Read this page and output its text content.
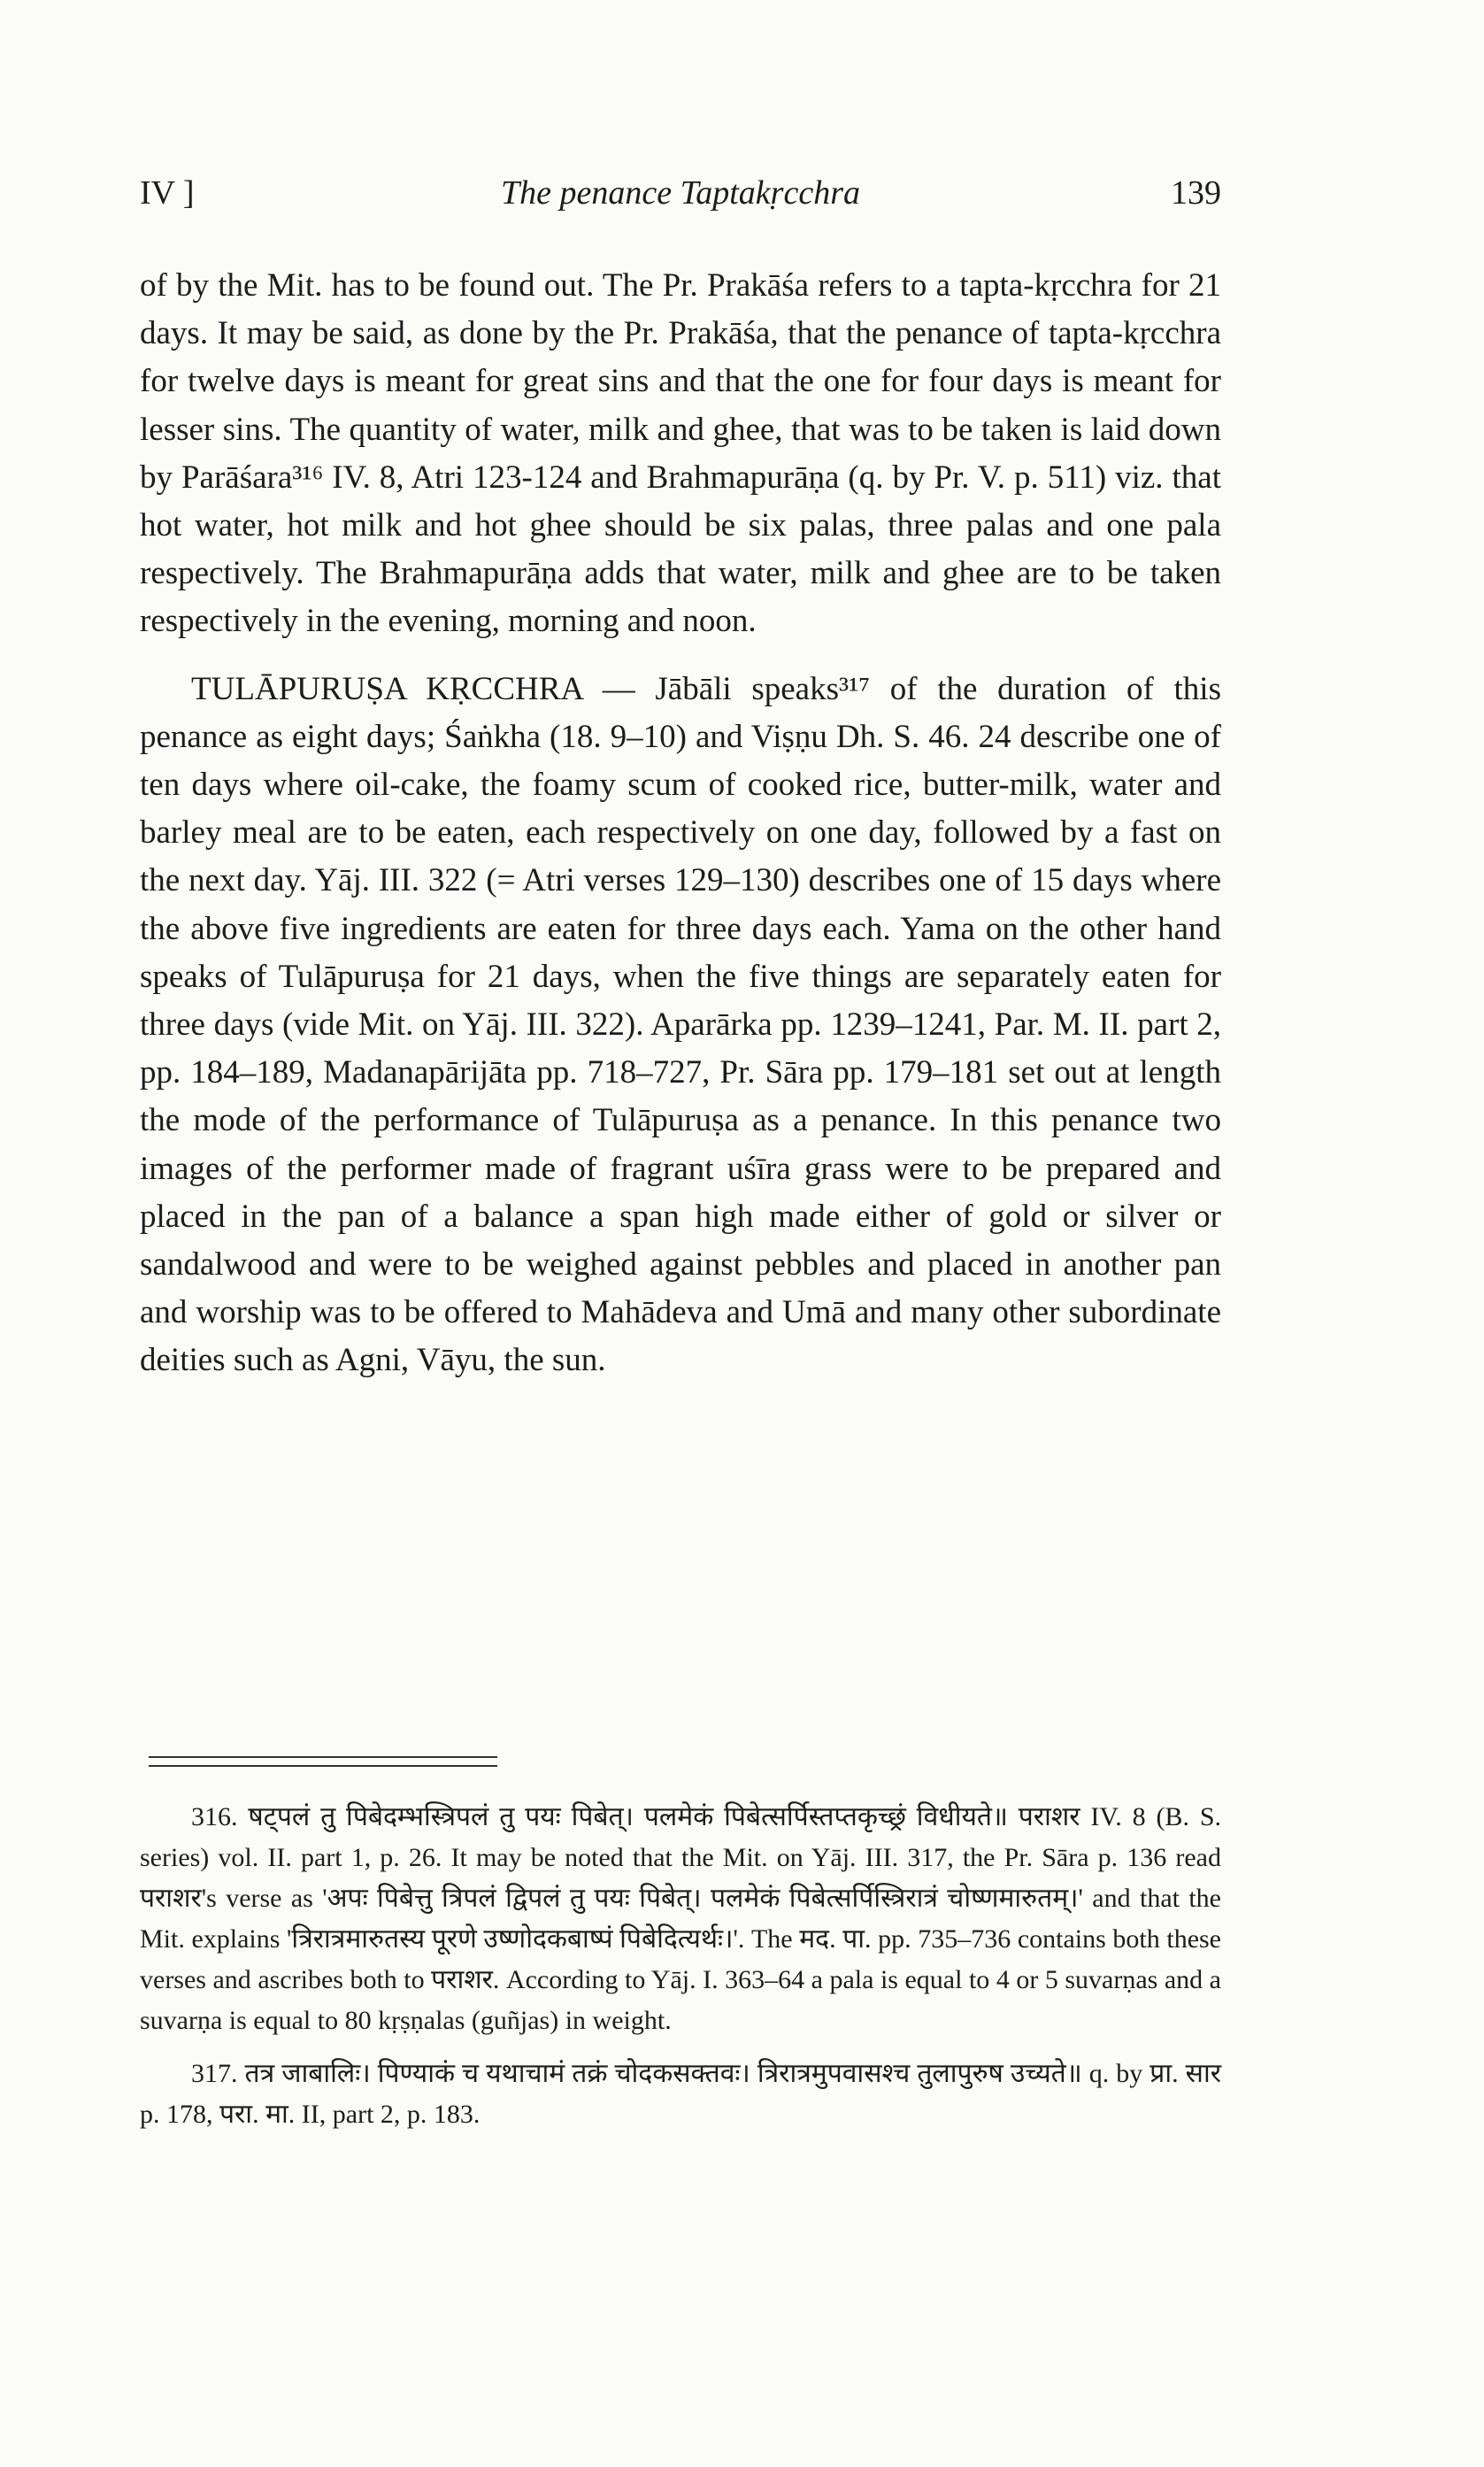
IV ]	The penance Taptakṛcchra	139

of by the Mit. has to be found out. The Pr. Prakāśa refers to a tapta-kṛcchra for 21 days. It may be said, as done by the Pr. Prakāśa, that the penance of tapta-kṛcchra for twelve days is meant for great sins and that the one for four days is meant for lesser sins. The quantity of water, milk and ghee, that was to be taken is laid down by Parāśara³¹⁶ IV. 8, Atri 123-124 and Brahmapurāṇa (q. by Pr. V. p. 511) viz. that hot water, hot milk and hot ghee should be six palas, three palas and one pala respectively. The Brahmapurāṇa adds that water, milk and ghee are to be taken respectively in the evening, morning and noon.

TULĀPURUṢA KṚCCHRA — Jābāli speaks³¹⁷ of the duration of this penance as eight days; Śaṅkha (18. 9–10) and Viṣṇu Dh. S. 46. 24 describe one of ten days where oil-cake, the foamy scum of cooked rice, butter-milk, water and barley meal are to be eaten, each respectively on one day, followed by a fast on the next day. Yāj. III. 322 (= Atri verses 129–130) describes one of 15 days where the above five ingredients are eaten for three days each. Yama on the other hand speaks of Tulāpuruṣa for 21 days, when the five things are separately eaten for three days (vide Mit. on Yāj. III. 322). Aparārka pp. 1239–1241, Par. M. II. part 2, pp. 184–189, Madanapārijāta pp. 718–727, Pr. Sāra pp. 179–181 set out at length the mode of the performance of Tulāpuruṣa as a penance. In this penance two images of the performer made of fragrant uśīra grass were to be prepared and placed in the pan of a balance a span high made either of gold or silver or sandalwood and were to be weighed against pebbles and placed in another pan and worship was to be offered to Mahādeva and Umā and many other subordinate deities such as Agni, Vāyu, the sun.

316. षट्पलं तु पिबेदम्भस्त्रिपलं तु पयः पिबेत्। पलमेकं पिबेत्सर्पिस्तप्तकृच्छ्रं विधीयते॥ पराशर IV. 8 (B. S. series) vol. II. part 1, p. 26. It may be noted that the Mit. on Yāj. III. 317, the Pr. Sāra p. 136 read पराशर's verse as 'अपः पिबेत्तु त्रिपलं द्विपलं तु पयः पिबेत्। पलमेकं पिबेत्सर्पिस्त्रिरात्रं चोष्णमारुतम्।' and that the Mit. explains 'त्रिरात्रमारुतस्य पूरणे उष्णोदकबाष्पं पिबेदित्यर्थः।'. The मद. पा. pp. 735–736 contains both these verses and ascribes both to पराशर. According to Yāj. I. 363–64 a pala is equal to 4 or 5 suvarṇas and a suvarṇa is equal to 80 kṛṣṇalas (guñjas) in weight.

317. तत्र जाबालिः। पिण्याकं च यथाचामं तक्रं चोदकसक्तवः। त्रिरात्रमुपवासश्च तुलापुरुष उच्यते॥ q. by प्रा. सार p. 178, परा. मा. II, part 2, p. 183.
